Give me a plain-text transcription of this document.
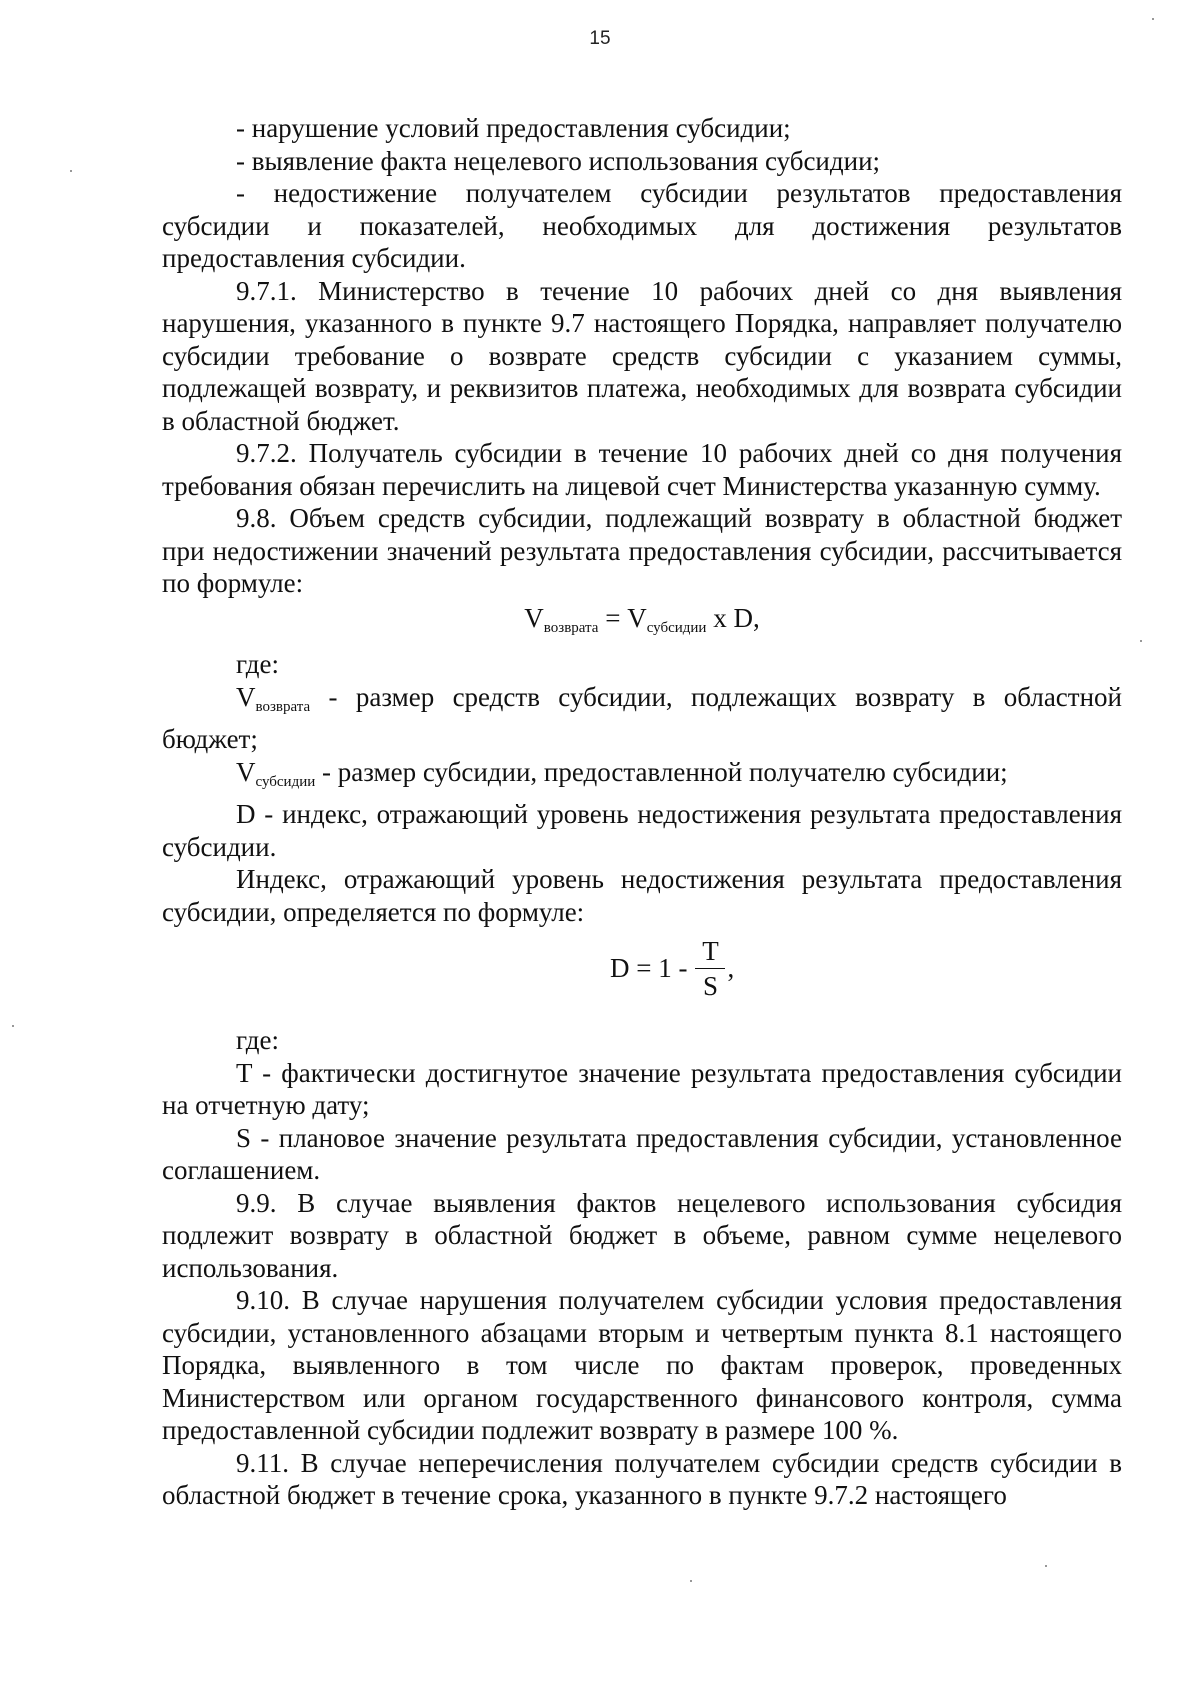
15

- нарушение условий предоставления субсидии;

- выявление факта нецелевого использования субсидии;

- недостижение получателем субсидии результатов предоставления субсидии и показателей, необходимых для достижения результатов предоставления субсидии.

9.7.1. Министерство в течение 10 рабочих дней со дня выявления нарушения, указанного в пункте 9.7 настоящего Порядка, направляет получателю субсидии требование о возврате средств субсидии с указанием суммы, подлежащей возврату, и реквизитов платежа, необходимых для возврата субсидии в областной бюджет.

9.7.2. Получатель субсидии в течение 10 рабочих дней со дня получения требования обязан перечислить на лицевой счет Министерства указанную сумму.

9.8. Объем средств субсидии, подлежащий возврату в областной бюджет при недостижении значений результата предоставления субсидии, рассчитывается по формуле:

$V_{возврата} = V_{субсидии}$ x D,

где:

$V_{возврата}$ - размер средств субсидии, подлежащих возврату в областной бюджет;

$V_{субсидии}$ - размер субсидии, предоставленной получателю субсидии;

D - индекс, отражающий уровень недостижения результата предоставления субсидии.

Индекс, отражающий уровень недостижения результата предоставления субсидии, определяется по формуле:

$D = 1 - \frac{T}{S}$ ,

где:

T - фактически достигнутое значение результата предоставления субсидии на отчетную дату;

S - плановое значение результата предоставления субсидии, установленное соглашением.

9.9. В случае выявления фактов нецелевого использования субсидия подлежит возврату в областной бюджет в объеме, равном сумме нецелевого использования.

9.10. В случае нарушения получателем субсидии условия предоставления субсидии, установленного абзацами вторым и четвертым пункта 8.1 настоящего Порядка, выявленного в том числе по фактам проверок, проведенных Министерством или органом государственного финансового контроля, сумма предоставленной субсидии подлежит возврату в размере 100 %.

9.11. В случае неперечисления получателем субсидии средств субсидии в областной бюджет в течение срока, указанного в пункте 9.7.2 настоящего
